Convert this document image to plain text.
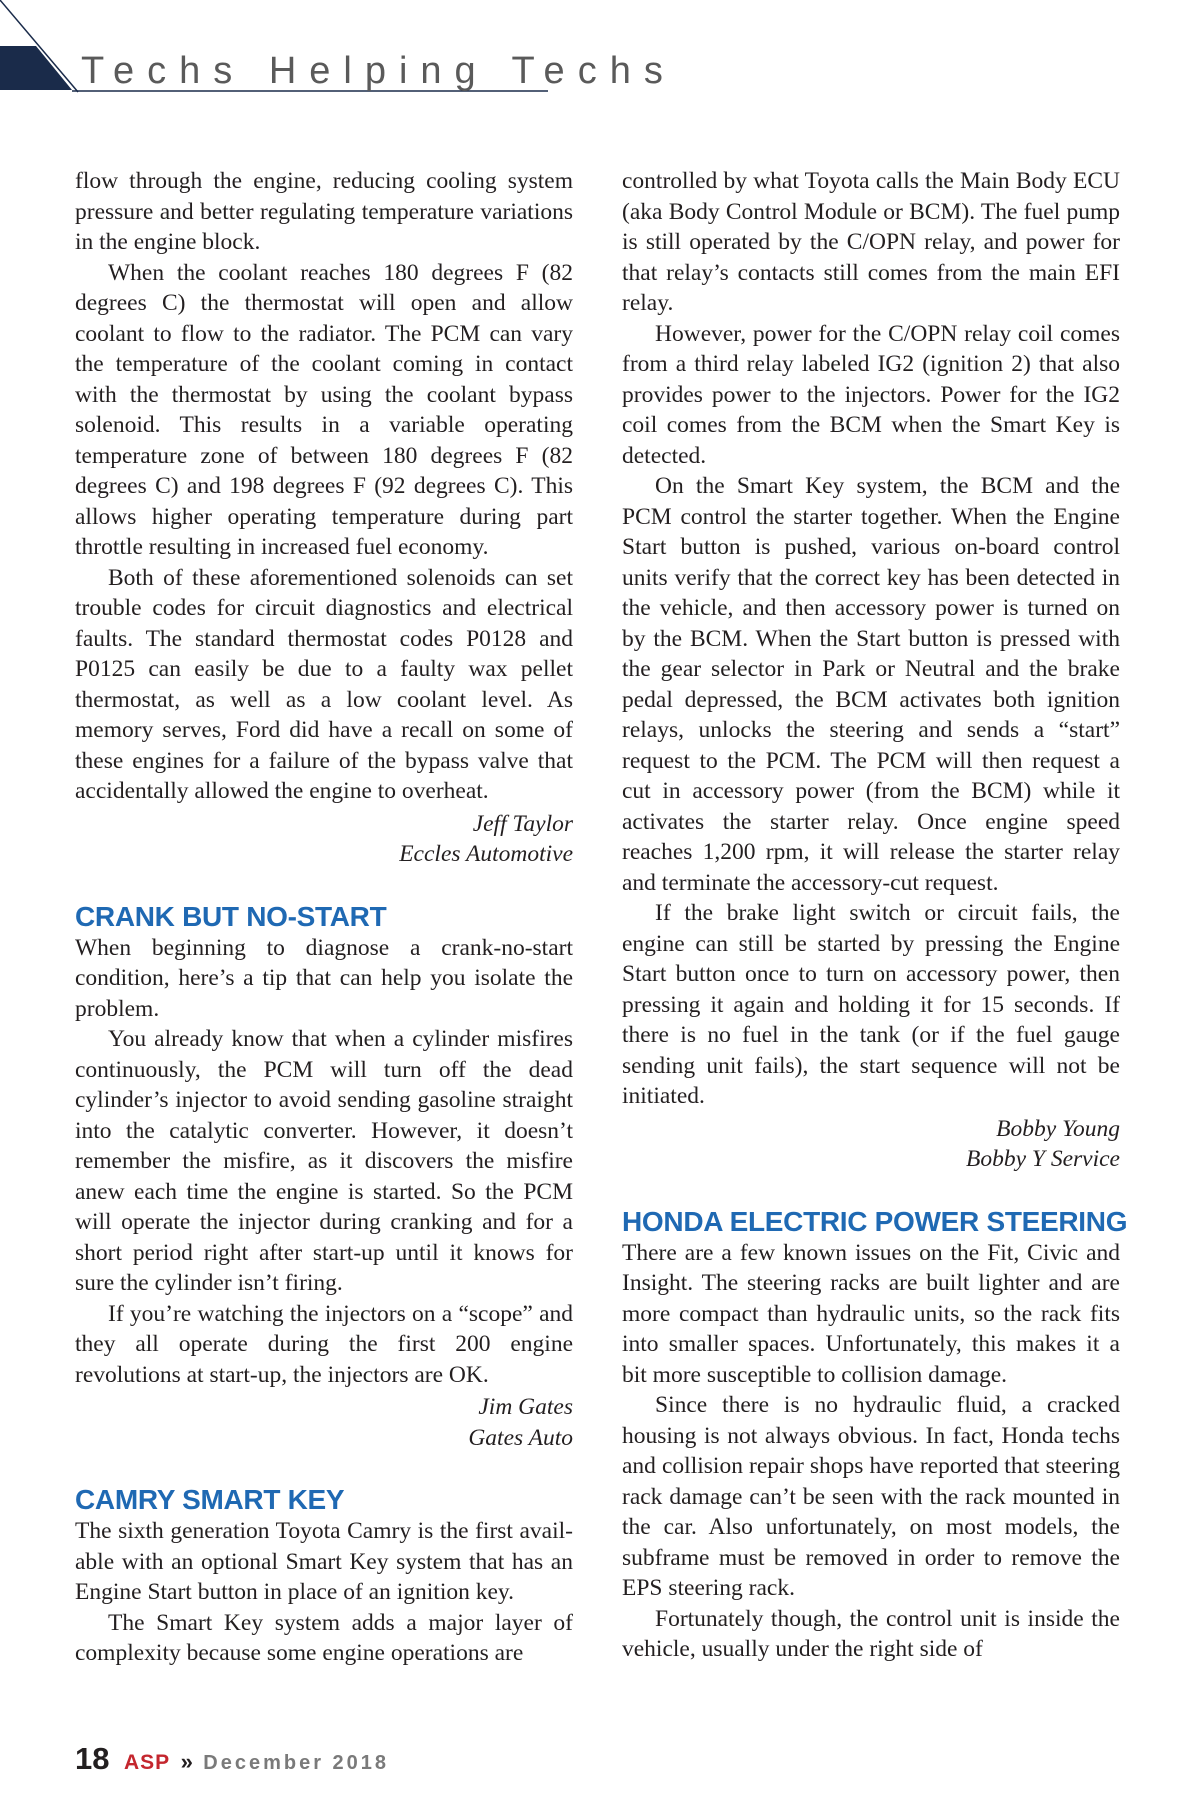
Techs Helping Techs

flow through the engine, reducing cooling system pressure and better regulating temperature variations in the engine block.

When the coolant reaches 180 degrees F (82 degrees C) the thermostat will open and allow coolant to flow to the radiator. The PCM can vary the temperature of the coolant coming in contact with the thermostat by using the coolant bypass solenoid. This results in a variable operating temperature zone of between 180 degrees F (82 degrees C) and 198 degrees F (92 degrees C). This allows higher operating temperature during part throttle resulting in increased fuel economy.

Both of these aforementioned solenoids can set trouble codes for circuit diagnostics and electrical faults. The standard thermostat codes P0128 and P0125 can easily be due to a faulty wax pellet thermostat, as well as a low coolant level. As memory serves, Ford did have a recall on some of these engines for a failure of the bypass valve that accidentally allowed the engine to overheat.

Jeff Taylor

Eccles Automotive

CRANK BUT NO-START

When beginning to diagnose a crank-no-start condition, here’s a tip that can help you isolate the problem.

You already know that when a cylinder misfires continuously, the PCM will turn off the dead cylinder’s injector to avoid sending gasoline straight into the catalytic converter. However, it doesn’t remember the misfire, as it discovers the misfire anew each time the engine is started. So the PCM will operate the injector during cranking and for a short period right after start-up until it knows for sure the cylinder isn’t firing.

If you’re watching the injectors on a “scope” and they all operate during the first 200 engine revolutions at start-up, the injectors are OK.

Jim Gates

Gates Auto

CAMRY SMART KEY

The sixth generation Toyota Camry is the first available with an optional Smart Key system that has an Engine Start button in place of an ignition key.

The Smart Key system adds a major layer of complexity because some engine operations are

controlled by what Toyota calls the Main Body ECU (aka Body Control Module or BCM). The fuel pump is still operated by the C/OPN relay, and power for that relay’s contacts still comes from the main EFI relay.

However, power for the C/OPN relay coil comes from a third relay labeled IG2 (ignition 2) that also provides power to the injectors. Power for the IG2 coil comes from the BCM when the Smart Key is detected.

On the Smart Key system, the BCM and the PCM control the starter together. When the Engine Start button is pushed, various on-board control units verify that the correct key has been detected in the vehicle, and then accessory power is turned on by the BCM. When the Start button is pressed with the gear selector in Park or Neutral and the brake pedal depressed, the BCM activates both ignition relays, unlocks the steering and sends a “start” request to the PCM. The PCM will then request a cut in accessory power (from the BCM) while it activates the starter relay. Once engine speed reaches 1,200 rpm, it will release the starter relay and terminate the accessory-cut request.

If the brake light switch or circuit fails, the engine can still be started by pressing the Engine Start button once to turn on accessory power, then pressing it again and holding it for 15 seconds. If there is no fuel in the tank (or if the fuel gauge sending unit fails), the start sequence will not be initiated.

Bobby Young

Bobby Y Service

HONDA ELECTRIC POWER STEERING

There are a few known issues on the Fit, Civic and Insight. The steering racks are built lighter and are more compact than hydraulic units, so the rack fits into smaller spaces. Unfortunately, this makes it a bit more susceptible to collision damage.

Since there is no hydraulic fluid, a cracked housing is not always obvious. In fact, Honda techs and collision repair shops have reported that steering rack damage can’t be seen with the rack mounted in the car. Also unfortunately, on most models, the subframe must be removed in order to remove the EPS steering rack.

Fortunately though, the control unit is inside the vehicle, usually under the right side of

18 ASP » December 2018
